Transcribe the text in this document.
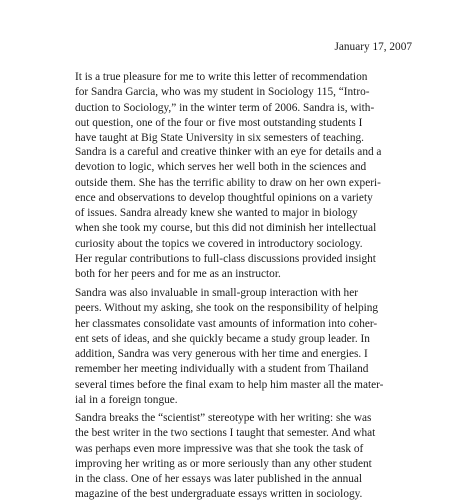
January 17, 2007
It is a true pleasure for me to write this letter of recommendation
for Sandra Garcia, who was my student in Sociology 115, “Intro-
duction to Sociology,” in the winter term of 2006. Sandra is, with-
out question, one of the four or five most outstanding students I
have taught at Big State University in six semesters of teaching.
Sandra is a careful and creative thinker with an eye for details and a
devotion to logic, which serves her well both in the sciences and
outside them. She has the terrific ability to draw on her own experi-
ence and observations to develop thoughtful opinions on a variety
of issues. Sandra already knew she wanted to major in biology
when she took my course, but this did not diminish her intellectual
curiosity about the topics we covered in introductory sociology.
Her regular contributions to full-class discussions provided insight
both for her peers and for me as an instructor.
Sandra was also invaluable in small-group interaction with her
peers. Without my asking, she took on the responsibility of helping
her classmates consolidate vast amounts of information into coher-
ent sets of ideas, and she quickly became a study group leader. In
addition, Sandra was very generous with her time and energies. I
remember her meeting individually with a student from Thailand
several times before the final exam to help him master all the mater-
ial in a foreign tongue.
Sandra breaks the “scientist” stereotype with her writing: she was
the best writer in the two sections I taught that semester. And what
was perhaps even more impressive was that she took the task of
improving her writing as or more seriously than any other student
in the class. One of her essays was later published in the annual
magazine of the best undergraduate essays written in sociology.
